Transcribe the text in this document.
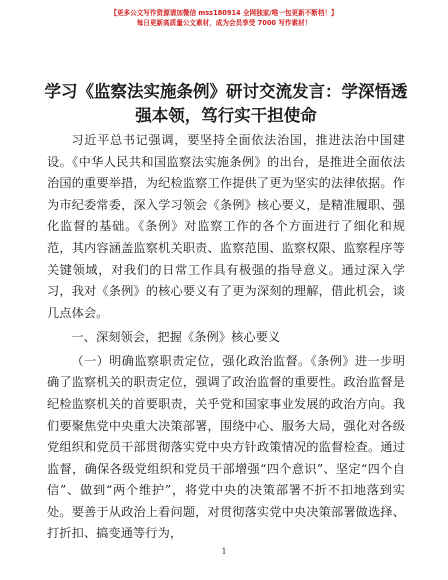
【更多公文写作资源请加微信 mss180914 全网独家/唯一包更新不断档！】
每日更新高质量公文素材，成为会员享受 7000 写作素材！
学习《监察法实施条例》研讨交流发言：学深悟透强本领，笃行实干担使命

习近平总书记强调，要坚持全面依法治国，推进法治中国建设。《中华人民共和国监察法实施条例》的出台，是推进全面依法治国的重要举措，为纪检监察工作提供了更为坚实的法律依据。作为市纪委常委，深入学习领会《条例》核心要义，是精准履职、强化监督的基础。《条例》对监察工作的各个方面进行了细化和规范，其内容涵盖监察机关职责、监察范围、监察权限、监察程序等关键领域，对我们的日常工作具有极强的指导意义。通过深入学习，我对《条例》的核心要义有了更为深刻的理解，借此机会，谈几点体会。

一、深刻领会，把握《条例》核心要义

（一）明确监察职责定位，强化政治监督。《条例》进一步明确了监察机关的职责定位，强调了政治监督的重要性。政治监督是纪检监察机关的首要职责，关乎党和国家事业发展的政治方向。我们要聚焦党中央重大决策部署，围绕中心、服务大局，强化对各级党组织和党员干部贯彻落实党中央方针政策情况的监督检查。通过监督，确保各级党组织和党员干部增强“四个意识”、坚定“四个自信”、做到“两个维护”，将党中央的决策部署不折不扣地落到实处。要善于从政治上看问题，对贯彻落实党中央决策部署做选择、打折扣、搞变通等行为，

1
